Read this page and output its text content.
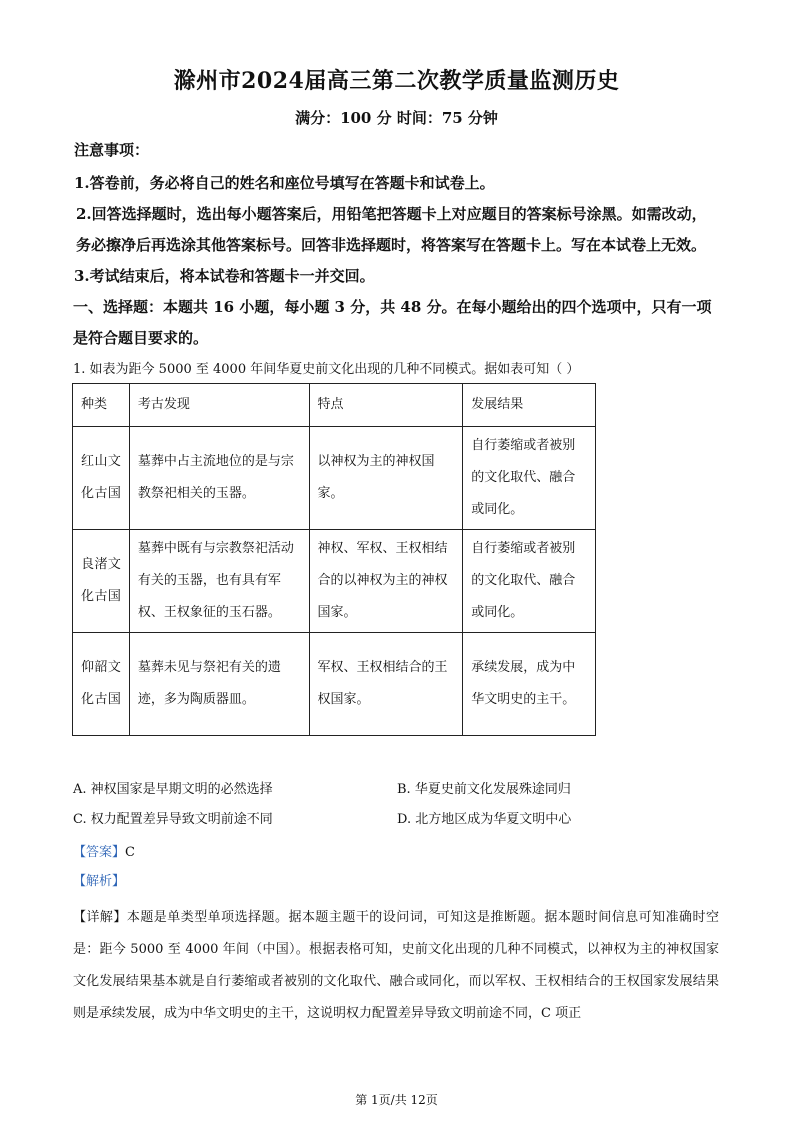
滁州市2024届高三第二次教学质量监测历史
满分：100 分 时间：75 分钟
注意事项：
1.答卷前，务必将自己的姓名和座位号填写在答题卡和试卷上。
2.回答选择题时，选出每小题答案后，用铅笔把答题卡上对应题目的答案标号涂黑。如需改动，
务必擦净后再选涂其他答案标号。回答非选择题时，将答案写在答题卡上。写在本试卷上无效。
3.考试结束后，将本试卷和答题卡一并交回。
一、选择题：本题共 16 小题，每小题 3 分，共 48 分。在每小题给出的四个选项中，只有一项
是符合题目要求的。
1. 如表为距今 5000 至 4000 年间华夏史前文化出现的几种不同模式。据如表可知（ ）
种类	考古发现	特点	发展结果
红山文化古国	墓葬中占主流地位的是与宗教祭祀相关的玉器。	以神权为主的神权国家。	自行萎缩或者被别的文化取代、融合或同化。
良渚文化古国	墓葬中既有与宗教祭祀活动有关的玉器，也有具有军权、王权象征的玉石器。	神权、军权、王权相结合的以神权为主的神权国家。	自行萎缩或者被别的文化取代、融合或同化。
仰韶文化古国	墓葬未见与祭祀有关的遗迹，多为陶质器皿。	军权、王权相结合的王权国家。	承续发展，成为中华文明史的主干。
A. 神权国家是早期文明的必然选择	B. 华夏史前文化发展殊途同归
C. 权力配置差异导致文明前途不同	D. 北方地区成为华夏文明中心
【答案】C
【解析】
【详解】本题是单类型单项选择题。据本题主题干的设问词，可知这是推断题。据本题时间信息可知准确时空是：距今 5000 至 4000 年间（中国）。根据表格可知，史前文化出现的几种不同模式，以神权为主的神权国家文化发展结果基本就是自行萎缩或者被别的文化取代、融合或同化，而以军权、王权相结合的王权国家发展结果则是承续发展，成为中华文明史的主干，这说明权力配置差异导致文明前途不同，C 项正
第 1页/共 12页
